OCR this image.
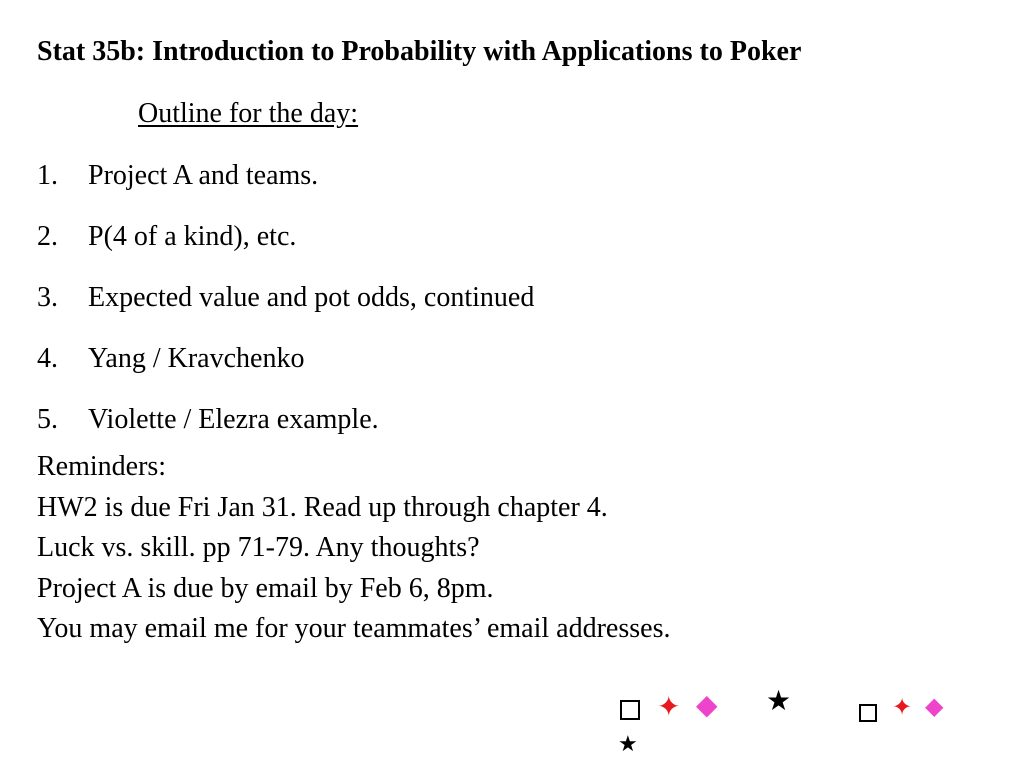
Stat 35b: Introduction to Probability with Applications to Poker
Outline for the day:
1. Project A and teams.
2. P(4 of a kind), etc.
3. Expected value and pot odds, continued
4. Yang / Kravchenko
5. Violette / Elezra example.
Reminders:
HW2 is due Fri Jan 31. Read up through chapter 4.
Luck vs. skill. pp 71-79. Any thoughts?
Project A is due by email by Feb 6, 8pm.
You may email me for your teammates’ email addresses.
✦ ◆ ★
★
✦ ◆
